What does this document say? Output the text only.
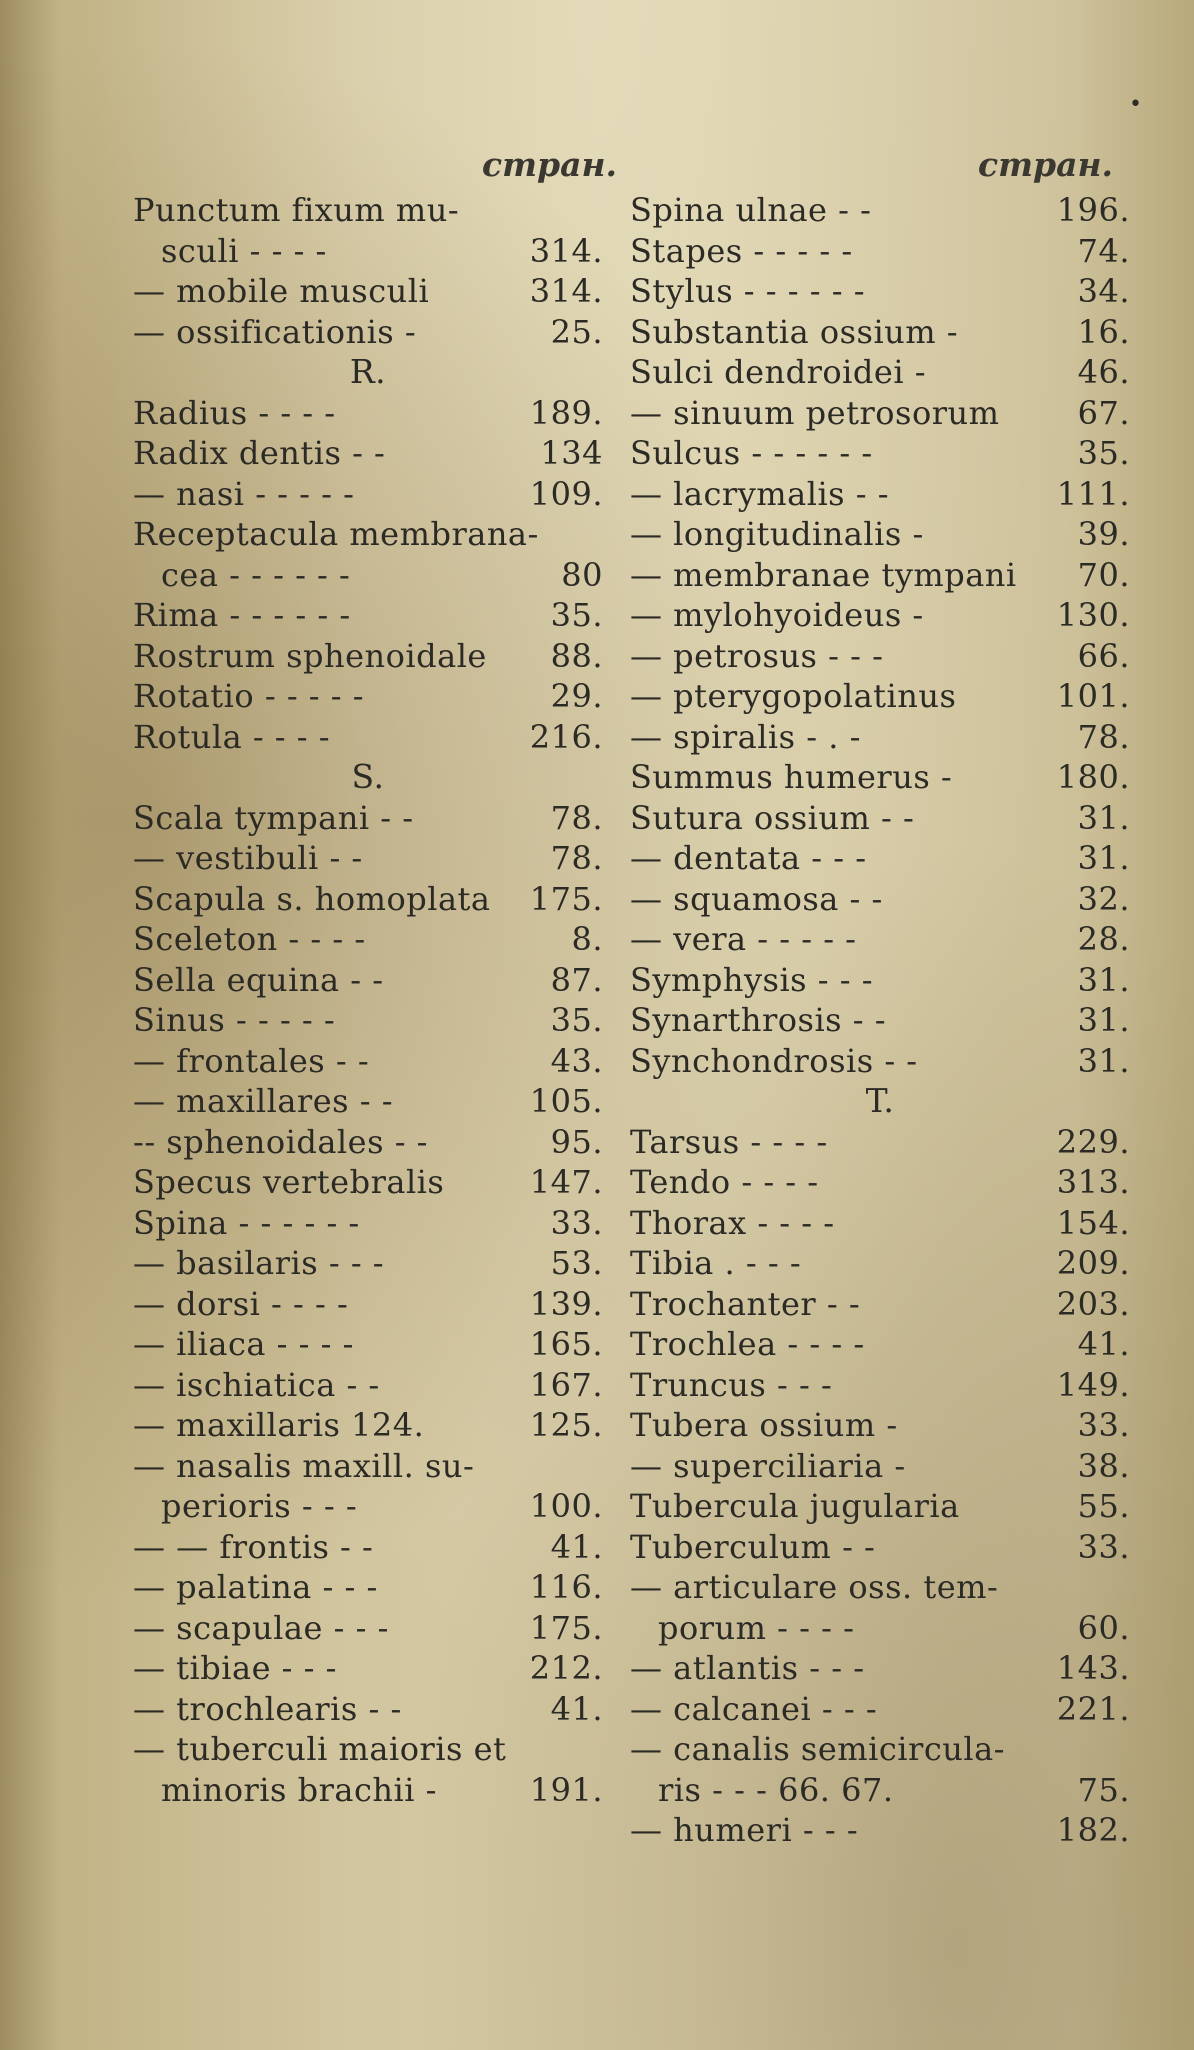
•
стран.	стран.
Punctum fixum mu-
sculi - - - -	314.
— mobile musculi	314.
— ossificationis -	25.
R.
Radius - - - -	189.
Radix dentis - -	134
— nasi - - - - -	109.
Receptacula membrana-
cea - - - - - -	80
Rima - - - - - -	35.
Rostrum sphenoidale 88.
Rotatio - - - - -	29.
Rotula - - - -	216.
S.
Scala tympani - -	78.
— vestibuli - -	78.
Scapula s. homoplata 175.
Sceleton - - - -	8.
Sella equina - -	87.
Sinus - - - - -	35.
— frontales - -	43.
— maxillares - -	105.
-- sphenoidales - -	95.
Specus vertebralis	147.
Spina - - - - - -	33.
— basilaris - - -	53.
— dorsi - - - -	139.
— iliaca - - - -	165.
— ischiatica - -	167.
— maxillaris 124.	125.
— nasalis maxill. su-
perioris - - -	100.
— — frontis - -	41.
— palatina - - -	116.
— scapulae - - -	175.
— tibiae - - -	212.
— trochlearis - -	41.
— tuberculi maioris et
minoris brachii -	191.
Spina ulnae - -	196.
Stapes - - - - -	74.
Stylus - - - - - -	34.
Substantia ossium -	16.
Sulci dendroidei -	46.
— sinuum petrosorum 67.
Sulcus - - - - - -	35.
— lacrymalis - -	111.
— longitudinalis -	39.
— membranae tympani 70.
— mylohyoideus -	130.
— petrosus - - -	66.
— pterygopolatinus	101.
— spiralis - . -	78.
Summus humerus -	180.
Sutura ossium - -	31.
— dentata - - -	31.
— squamosa - -	32.
— vera - - - - -	28.
Symphysis - - -	31.
Synarthrosis - -	31.
Synchondrosis - -	31.
T.
Tarsus - - - -	229.
Tendo - - - -	313.
Thorax - - - -	154.
Tibia . - - -	209.
Trochanter - -	203.
Trochlea - - - -	41.
Truncus - - -	149.
Tubera ossium -	33.
— superciliaria -	38.
Tubercula jugularia	55.
Tuberculum - -	33.
— articulare oss. tem-
porum - - - -	60.
— atlantis - - -	143.
— calcanei - - -	221.
— canalis semicircula-
ris - - - 66. 67.	75.
— humeri - - -	182.
